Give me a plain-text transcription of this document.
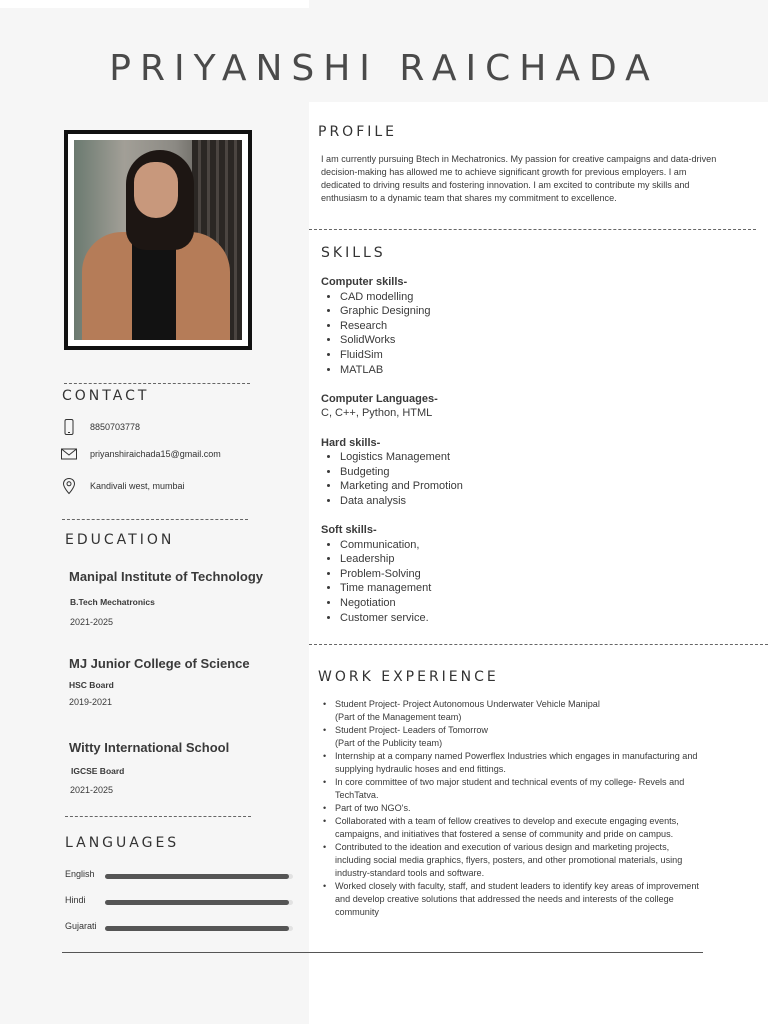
PRIYANSHI RAICHADA
CONTACT
8850703778
priyanshiraichada15@gmail.com
Kandivali west, mumbai
EDUCATION
Manipal Institute of Technology
B.Tech Mechatronics
2021-2025
MJ Junior College of Science
HSC Board
2019-2021
Witty International School
IGCSE Board
2021-2025
LANGUAGES
English
Hindi
Gujarati
PROFILE
I am currently pursuing Btech in Mechatronics. My passion for creative campaigns and data-driven decision-making has allowed me to achieve significant growth for previous employers. I am dedicated to driving results and fostering innovation. I am excited to contribute my skills and enthusiasm to a dynamic team that shares my commitment to excellence.
SKILLS
Computer skills-
• CAD modelling
• Graphic Designing
• Research
• SolidWorks
• FluidSim
• MATLAB
Computer Languages-
C, C++, Python, HTML
Hard skills-
• Logistics Management
• Budgeting
• Marketing and Promotion
• Data analysis
Soft skills-
• Communication,
• Leadership
• Problem-Solving
• Time management
• Negotiation
• Customer service.
WORK EXPERIENCE
• Student Project- Project Autonomous Underwater Vehicle Manipal
(Part of the Management team)
• Student Project- Leaders of Tomorrow
(Part of the Publicity team)
• Internship at a company named Powerflex Industries which engages in manufacturing and supplying hydraulic hoses and end fittings.
• In core committee of two major student and technical events of my college- Revels and TechTatva.
• Part of two NGO's.
• Collaborated with a team of fellow creatives to develop and execute engaging events, campaigns, and initiatives that fostered a sense of community and pride on campus.
• Contributed to the ideation and execution of various design and marketing projects, including social media graphics, flyers, posters, and other promotional materials, using industry-standard tools and software.
• Worked closely with faculty, staff, and student leaders to identify key areas of improvement and develop creative solutions that addressed the needs and interests of the college community
